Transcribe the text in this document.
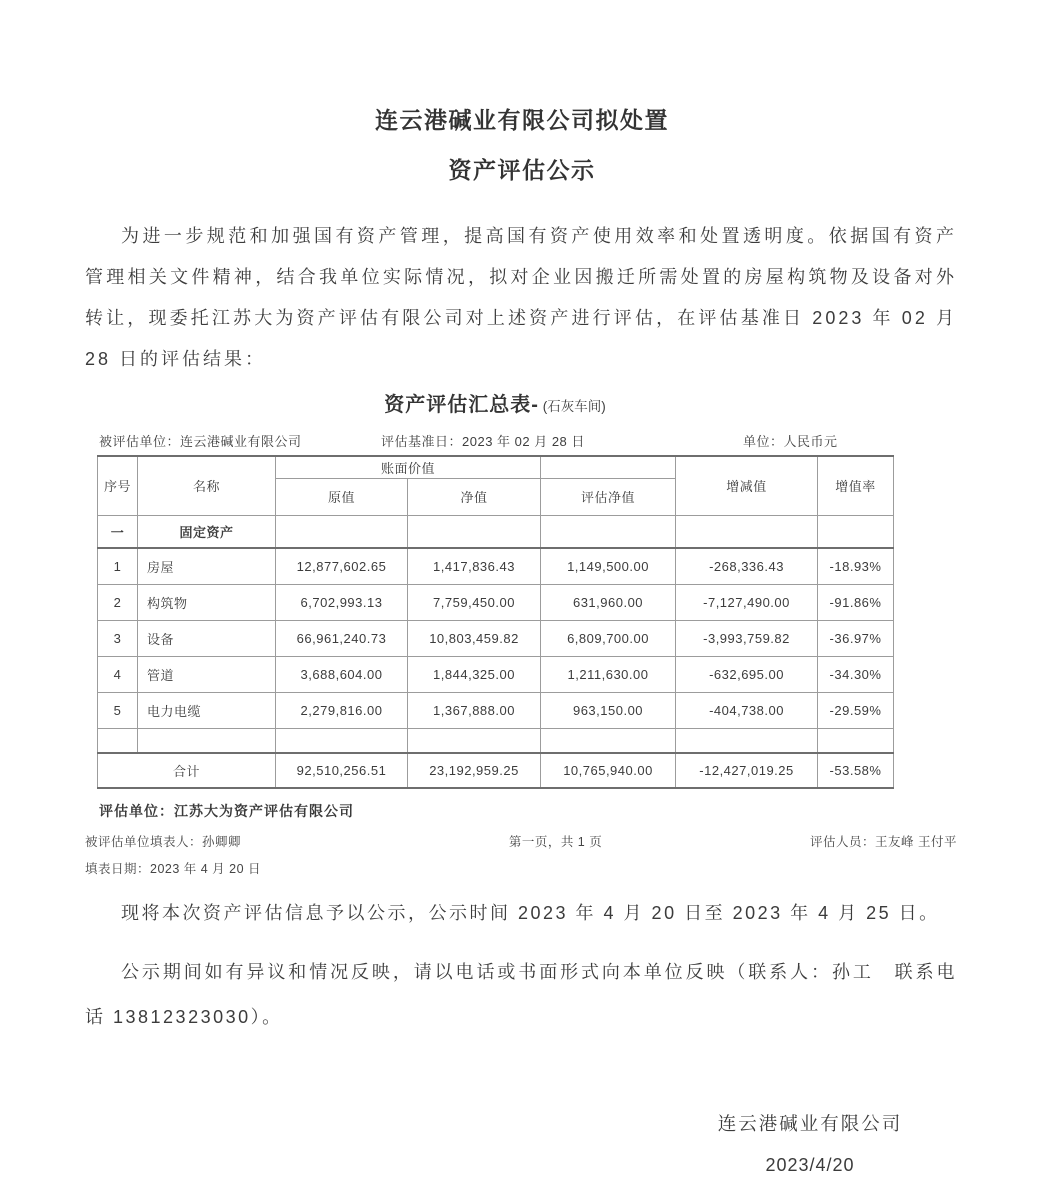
连云港碱业有限公司拟处置
资产评估公示

为进一步规范和加强国有资产管理，提高国有资产使用效率和处置透明度。依据国有资产管理相关文件精神，结合我单位实际情况，拟对企业因搬迁所需处置的房屋构筑物及设备对外转让，现委托江苏大为资产评估有限公司对上述资产进行评估，在评估基准日 2023 年 02 月 28 日的评估结果：

资产评估汇总表- (石灰车间)
被评估单位：连云港碱业有限公司	评估基准日：2023 年 02 月 28 日	单位：人民币元
序号	名称	账面价值			增减值	增值率
		原值	净值	评估净值		
一	固定资产					
1	房屋	12,877,602.65	1,417,836.43	1,149,500.00	-268,336.43	-18.93%
2	构筑物	6,702,993.13	7,759,450.00	631,960.00	-7,127,490.00	-91.86%
3	设备	66,961,240.73	10,803,459.82	6,809,700.00	-3,993,759.82	-36.97%
4	管道	3,688,604.00	1,844,325.00	1,211,630.00	-632,695.00	-34.30%
5	电力电缆	2,279,816.00	1,367,888.00	963,150.00	-404,738.00	-29.59%

合计		92,510,256.51	23,192,959.25	10,765,940.00	-12,427,019.25	-53.58%
评估单位：江苏大为资产评估有限公司
被评估单位填表人：孙卿卿	第一页，共 1 页	评估人员：王友峰 王付平
填表日期：2023 年 4 月 20 日

现将本次资产评估信息予以公示，公示时间 2023 年 4 月 20 日至 2023 年 4 月 25 日。

公示期间如有异议和情况反映，请以电话或书面形式向本单位反映（联系人：孙工　联系电话 13812323030）。

连云港碱业有限公司
2023/4/20
